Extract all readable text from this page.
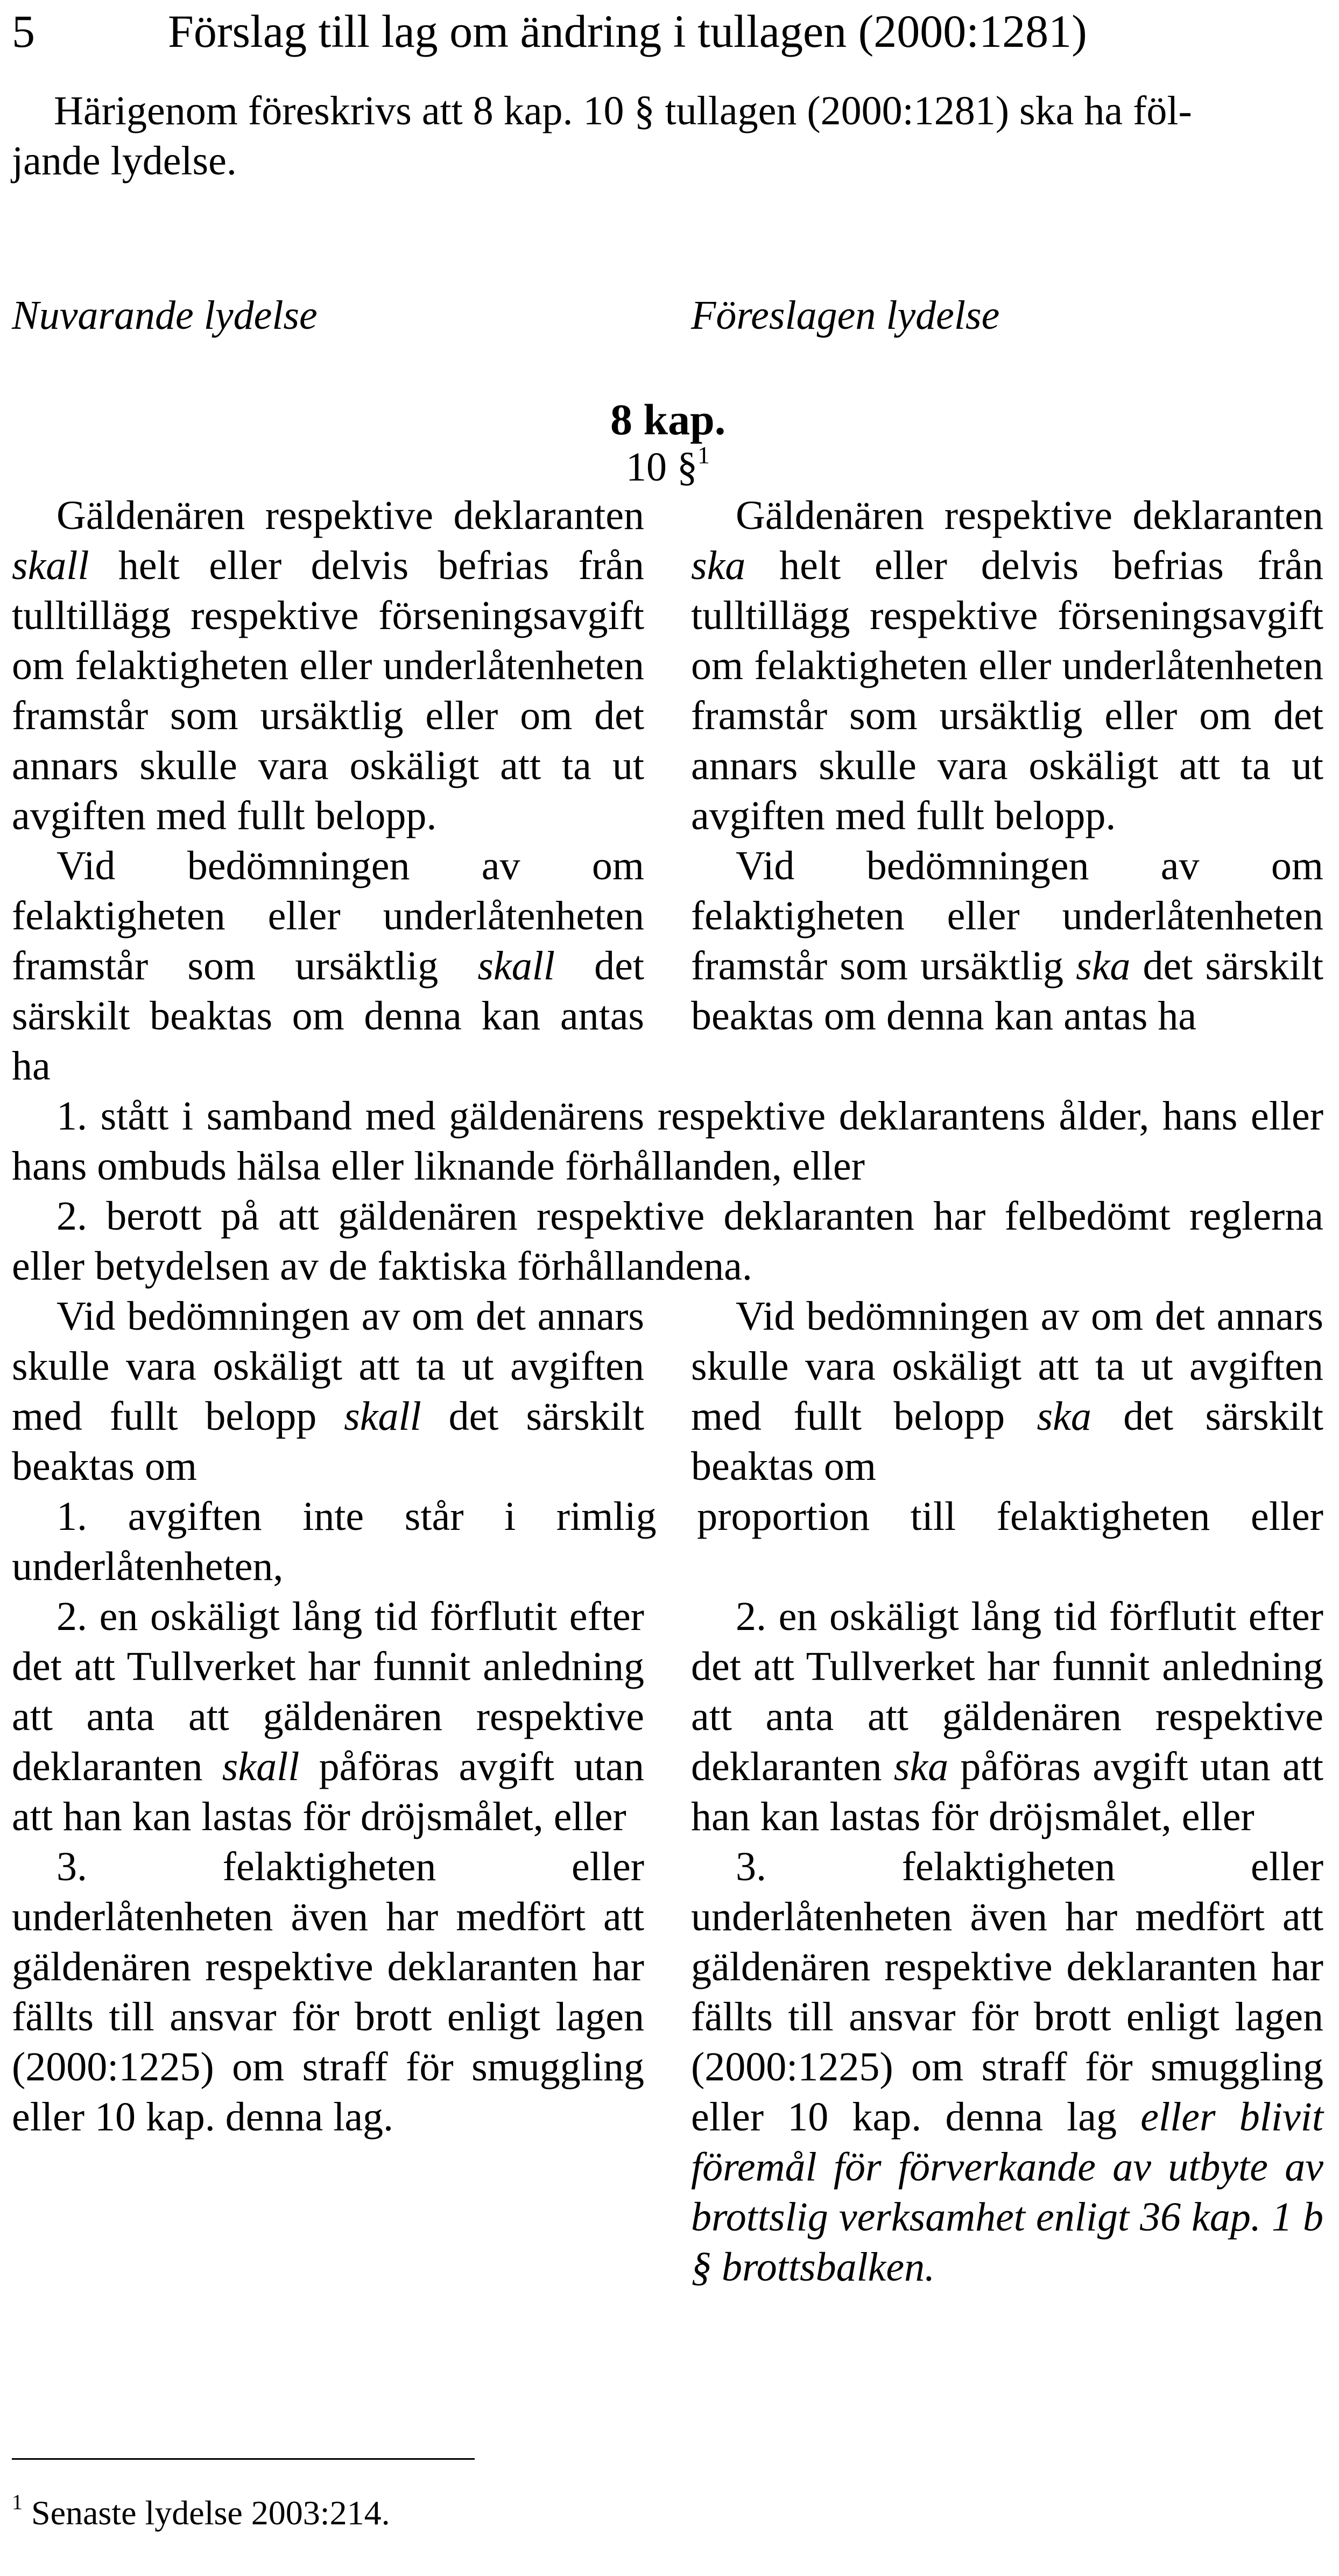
5	Förslag till lag om ändring i tullagen (2000:1281)
Härigenom föreskrivs att 8 kap. 10 § tullagen (2000:1281) ska ha föl-
jande lydelse.
Nuvarande lydelse	Föreslagen lydelse
8 kap.
10 §$^1$

Gäldenären respektive deklaranten skall helt eller delvis befrias från tulltillägg respektive förseningsavgift om felaktigheten eller underlåtenheten framstår som ursäktlig eller om det annars skulle vara oskäligt att ta ut avgiften med fullt belopp.

Vid bedömningen av om felaktigheten eller underlåtenheten framstår som ursäktlig skall det särskilt beaktas om denna kan antas ha

Gäldenären respektive deklaranten ska helt eller delvis befrias från tulltillägg respektive förseningsavgift om felaktigheten eller underlåtenheten framstår som ursäktlig eller om det annars skulle vara oskäligt att ta ut avgiften med fullt belopp.

Vid bedömningen av om felaktigheten eller underlåtenheten framstår som ursäktlig ska det särskilt beaktas om denna kan antas ha

1. stått i samband med gäldenärens respektive deklarantens ålder, hans eller hans ombuds hälsa eller liknande förhållanden, eller

2. berott på att gäldenären respektive deklaranten har felbedömt reglerna eller betydelsen av de faktiska förhållandena.

Vid bedömningen av om det annars skulle vara oskäligt att ta ut avgiften med fullt belopp skall det särskilt beaktas om

Vid bedömningen av om det annars skulle vara oskäligt att ta ut avgiften med fullt belopp ska det särskilt beaktas om

1. avgiften inte står i rimlig proportion till felaktigheten eller underlåtenheten,

2. en oskäligt lång tid förflutit efter det att Tullverket har funnit anledning att anta att gäldenären respektive deklaranten skall påföras avgift utan att han kan lastas för dröjsmålet, eller

3. felaktigheten eller underlåtenheten även har medfört att gäldenären respektive deklaranten har fällts till ansvar för brott enligt lagen (2000:1225) om straff för smuggling eller 10 kap. denna lag.

2. en oskäligt lång tid förflutit efter det att Tullverket har funnit anledning att anta att gäldenären respektive deklaranten ska påföras avgift utan att han kan lastas för dröjsmålet, eller

3. felaktigheten eller underlåtenheten även har medfört att gäldenären respektive deklaranten har fällts till ansvar för brott enligt lagen (2000:1225) om straff för smuggling eller 10 kap. denna lag eller blivit föremål för förverkande av utbyte av brottslig verksamhet enligt 36 kap. 1 b § brottsbalken.

$^1$ Senaste lydelse 2003:214.
